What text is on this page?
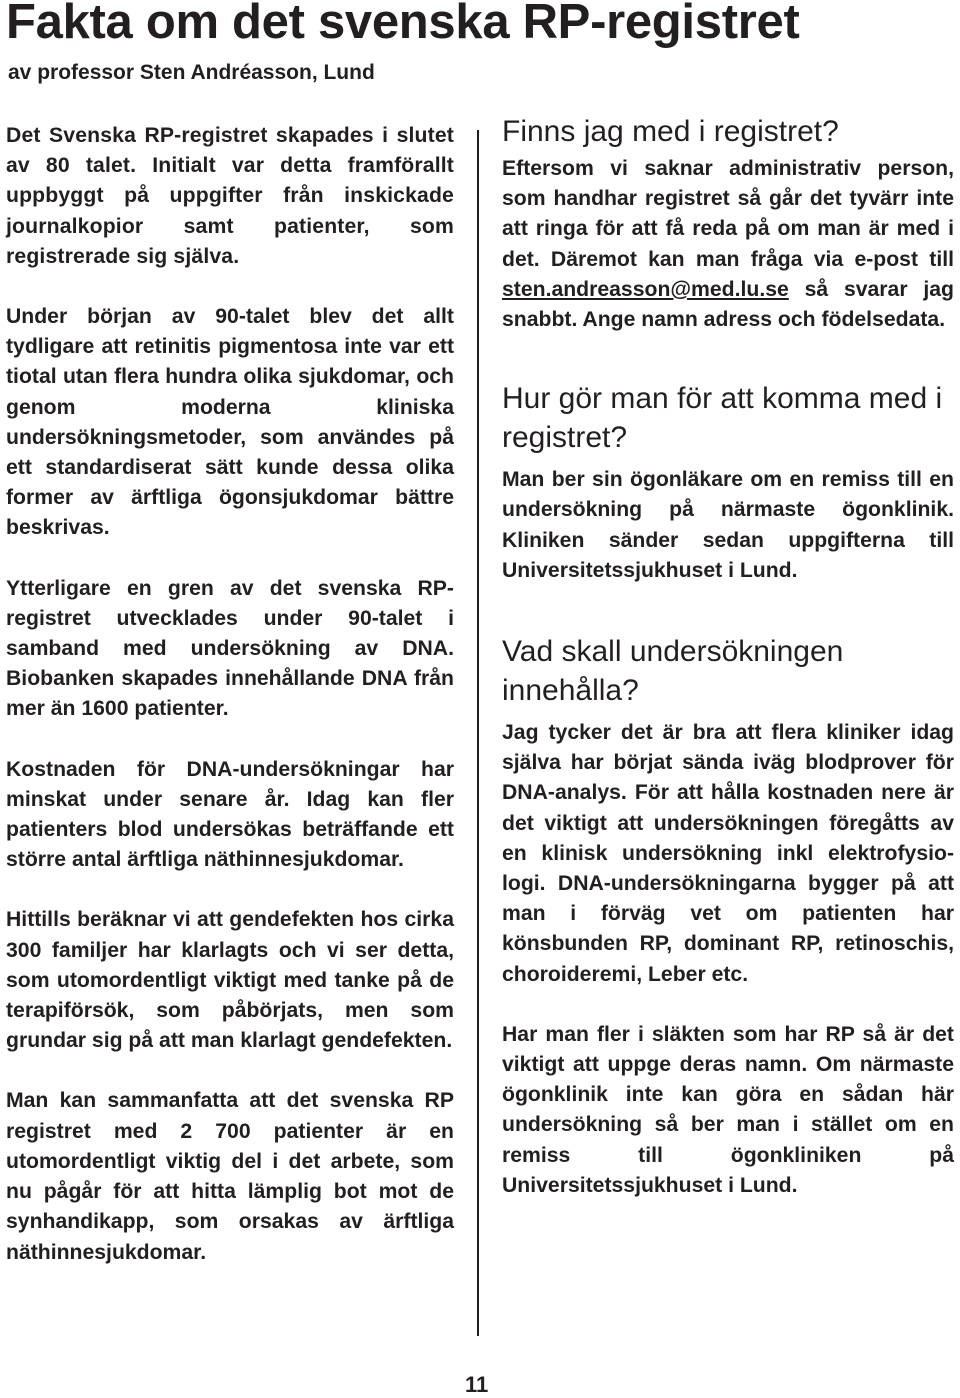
Fakta om det svenska RP-registret

av professor Sten Andréasson, Lund

Det Svenska RP-registret skapades i slutet av 80 talet. Initialt var detta framförallt uppbyggt på uppgifter från inskickade journalkopior samt patienter, som registrerade sig själva.

Under början av 90-talet blev det allt tydligare att retinitis pigmentosa inte var ett tiotal utan flera hundra olika sjukdomar, och genom moderna kliniska undersökningsmetoder, som användes på ett standardiserat sätt kunde dessa olika former av ärftliga ögonsjukdomar bättre beskrivas.

Ytterligare en gren av det svenska RP-registret utvecklades under 90-talet i samband med undersökning av DNA. Biobanken skapades innehållande DNA från mer än 1600 patienter.

Kostnaden för DNA-undersökningar har minskat under senare år. Idag kan fler patienters blod undersökas beträffande ett större antal ärftliga näthinnesjukdomar.

Hittills beräknar vi att gendefekten hos cirka 300 familjer har klarlagts och vi ser detta, som utomordentligt viktigt med tanke på de terapiförsök, som påbörjats, men som grundar sig på att man klarlagt gendefekten.

Man kan sammanfatta att det svenska RP registret med 2 700 patienter är en utomordentligt viktig del i det arbete, som nu pågår för att hitta lämplig bot mot de synhandikapp, som orsakas av ärftliga näthinnesjukdomar.

Finns jag med i registret?

Eftersom vi saknar administrativ person, som handhar registret så går det tyvärr inte att ringa för att få reda på om man är med i det. Däremot kan man fråga via e-post till sten.andreasson@med.lu.se så svarar jag snabbt. Ange namn adress och födelsedata.

Hur gör man för att komma med i registret?

Man ber sin ögonläkare om en remiss till en undersökning på närmaste ögonklinik. Kliniken sänder sedan uppgifterna till Universitetssjukhuset i Lund.

Vad skall undersökningen innehålla?

Jag tycker det är bra att flera kliniker idag själva har börjat sända iväg blodprover för DNA-analys. För att hålla kostnaden nere är det viktigt att undersökningen föregåtts av en klinisk undersökning inkl elektrofysiologi. DNA-undersökningarna bygger på att man i förväg vet om patienten har könsbunden RP, dominant RP, retinoschis, choroideremi, Leber etc.

Har man fler i släkten som har RP så är det viktigt att uppge deras namn. Om närmaste ögonklinik inte kan göra en sådan här undersökning så ber man i stället om en remiss till ögonkliniken på Universitetssjukhuset i Lund.

11
